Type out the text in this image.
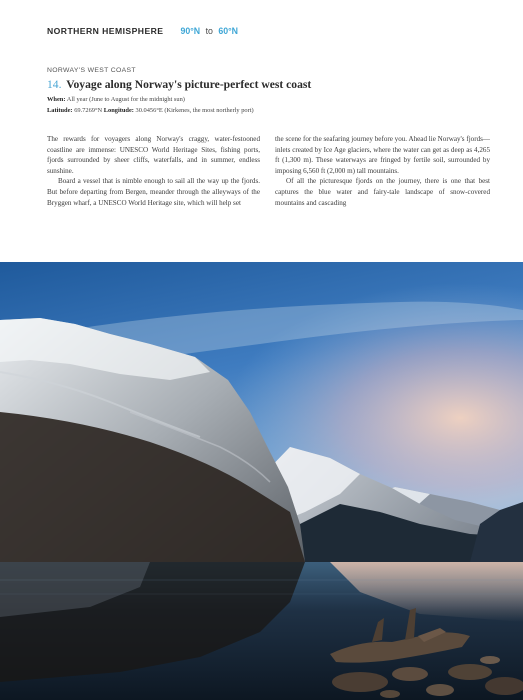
NORTHERN HEMISPHERE 90°N to 60°N
NORWAY'S WEST COAST
14. Voyage along Norway's picture-perfect west coast
When: All year (June to August for the midnight sun)
Latitude: 69.7269°N Longitude: 30.0456°E (Kirkenes, the most northerly port)

The rewards for voyagers along Norway's craggy, water-festooned coastline are immense: UNESCO World Heritage Sites, fishing ports, fjords surrounded by sheer cliffs, waterfalls, and in summer, endless sunshine.

Board a vessel that is nimble enough to sail all the way up the fjords. But before departing from Bergen, meander through the alleyways of the Bryggen wharf, a UNESCO World Heritage site, which will help set

the scene for the seafaring journey before you. Ahead lie Norway's fjords—inlets created by Ice Age glaciers, where the water can get as deep as 4,265 ft (1,300 m). These waterways are fringed by fertile soil, surrounded by imposing 6,560 ft (2,000 m) tall mountains.

Of all the picturesque fjords on the journey, there is one that best captures the blue water and fairy-tale landscape of snow-covered mountains and cascading
